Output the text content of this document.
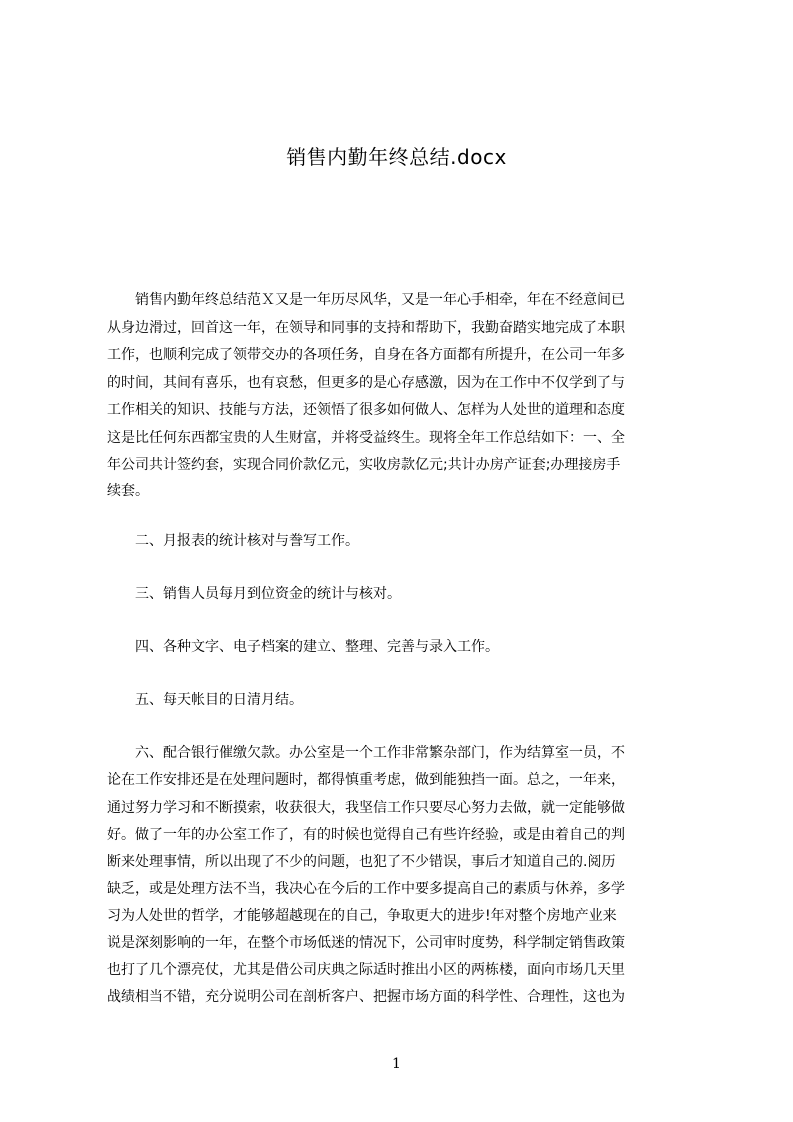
销售内勤年终总结.docx
　　销售内勤年终总结范Ｘ又是一年历尽风华，又是一年心手相牵，年在不经意间已
从身边滑过，回首这一年，在领导和同事的支持和帮助下，我勤奋踏实地完成了本职
工作，也顺利完成了领带交办的各项任务，自身在各方面都有所提升，在公司一年多
的时间，其间有喜乐，也有哀愁，但更多的是心存感激，因为在工作中不仅学到了与
工作相关的知识、技能与方法，还领悟了很多如何做人、怎样为人处世的道理和态度
这是比任何东西都宝贵的人生财富，并将受益终生。现将全年工作总结如下：一、全
年公司共计签约套，实现合同价款亿元，实收房款亿元;共计办房产证套;办理接房手
续套。
　　二、月报表的统计核对与誊写工作。
　　三、销售人员每月到位资金的统计与核对。
　　四、各种文字、电子档案的建立、整理、完善与录入工作。
　　五、每天帐目的日清月结。
　　六、配合银行催缴欠款。办公室是一个工作非常繁杂部门，作为结算室一员，不
论在工作安排还是在处理问题时，都得慎重考虑，做到能独挡一面。总之，一年来，
通过努力学习和不断摸索，收获很大，我坚信工作只要尽心努力去做，就一定能够做
好。做了一年的办公室工作了，有的时候也觉得自己有些许经验，或是由着自己的判
断来处理事情，所以出现了不少的问题，也犯了不少错误，事后才知道自己的.阅历
缺乏，或是处理方法不当，我决心在今后的工作中要多提高自己的素质与休养，多学
习为人处世的哲学，才能够超越现在的自己，争取更大的进步!年对整个房地产业来
说是深刻影响的一年，在整个市场低迷的情况下，公司审时度势，科学制定销售政策
也打了几个漂亮仗，尤其是借公司庆典之际适时推出小区的两栋楼，面向市场几天里
战绩相当不错，充分说明公司在剖析客户、把握市场方面的科学性、合理性，这也为
1
